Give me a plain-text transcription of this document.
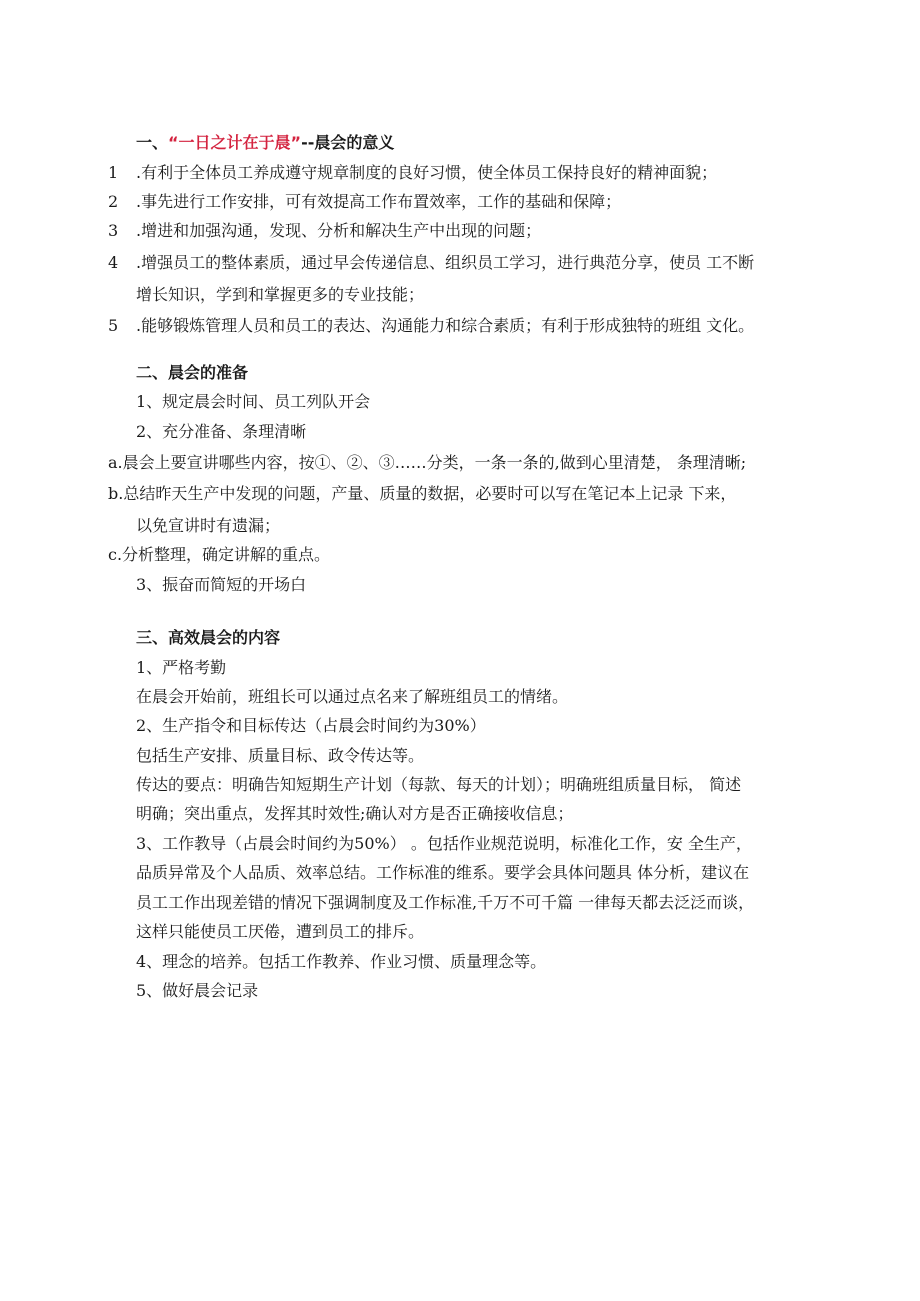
一、“一日之计在于晨”--晨会的意义
1 .有利于全体员工养成遵守规章制度的良好习惯，使全体员工保持良好的精神面貌；
2 .事先进行工作安排，可有效提高工作布置效率，工作的基础和保障；
3 .增进和加强沟通，发现、分析和解决生产中出现的问题；
4 .增强员工的整体素质，通过早会传递信息、组织员工学习，进行典范分享，使员 工不断
增长知识，学到和掌握更多的专业技能；
5 .能够锻炼管理人员和员工的表达、沟通能力和综合素质；有利于形成独特的班组 文化。
二、晨会的准备
1、规定晨会时间、员工列队开会
2、充分准备、条理清晰
a.晨会上要宣讲哪些内容，按①、②、③……分类，一条一条的,做到心里清楚， 条理清晰;
b.总结昨天生产中发现的问题，产量、质量的数据，必要时可以写在笔记本上记录 下来，
以免宣讲时有遗漏；
c.分析整理，确定讲解的重点。
3、振奋而简短的开场白
三、高效晨会的内容
1、严格考勤
在晨会开始前，班组长可以通过点名来了解班组员工的情绪。
2、生产指令和目标传达（占晨会时间约为30%）
包括生产安排、质量目标、政令传达等。
传达的要点：明确告知短期生产计划（每款、每天的计划）；明确班组质量目标， 简述
明确；突出重点，发挥其时效性;确认对方是否正确接收信息；
3、工作教导（占晨会时间约为50%） 。包括作业规范说明，标准化工作，安 全生产，
品质异常及个人品质、效率总结。工作标准的维系。要学会具体问题具 体分析，建议在
员工工作出现差错的情况下强调制度及工作标准,千万不可千篇 一律每天都去泛泛而谈，
这样只能使员工厌倦，遭到员工的排斥。
4、理念的培养。包括工作教养、作业习惯、质量理念等。
5、做好晨会记录
